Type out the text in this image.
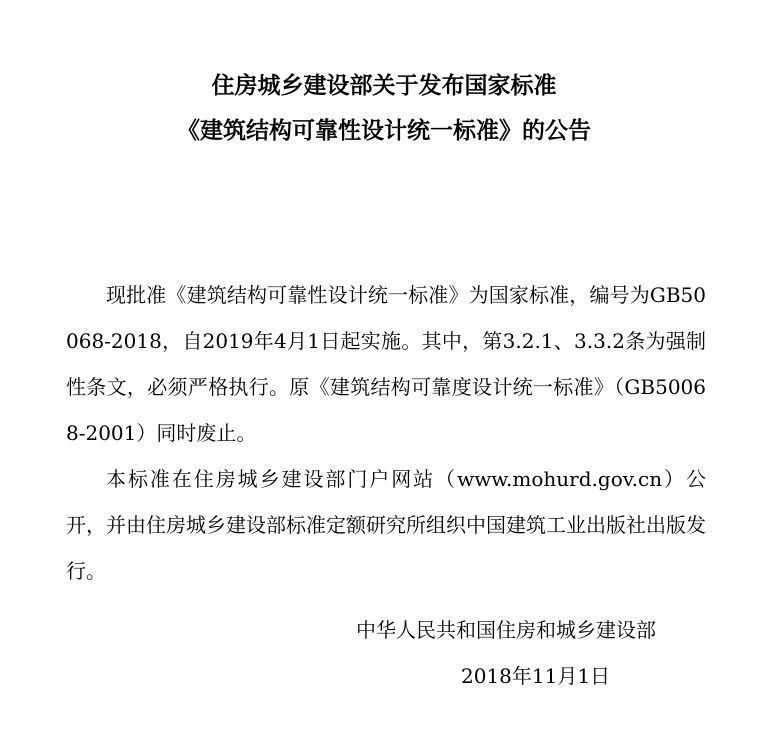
住房城乡建设部关于发布国家标准
《建筑结构可靠性设计统一标准》的公告

现批准《建筑结构可靠性设计统一标准》为国家标准，编号为GB50068-2018，自2019年4月1日起实施。其中，第3.2.1、3.3.2条为强制性条文，必须严格执行。原《建筑结构可靠度设计统一标准》（GB50068-2001）同时废止。

本标准在住房城乡建设部门户网站（www.mohurd.gov.cn）公开，并由住房城乡建设部标准定额研究所组织中国建筑工业出版社出版发行。

中华人民共和国住房和城乡建设部
2018年11月1日
